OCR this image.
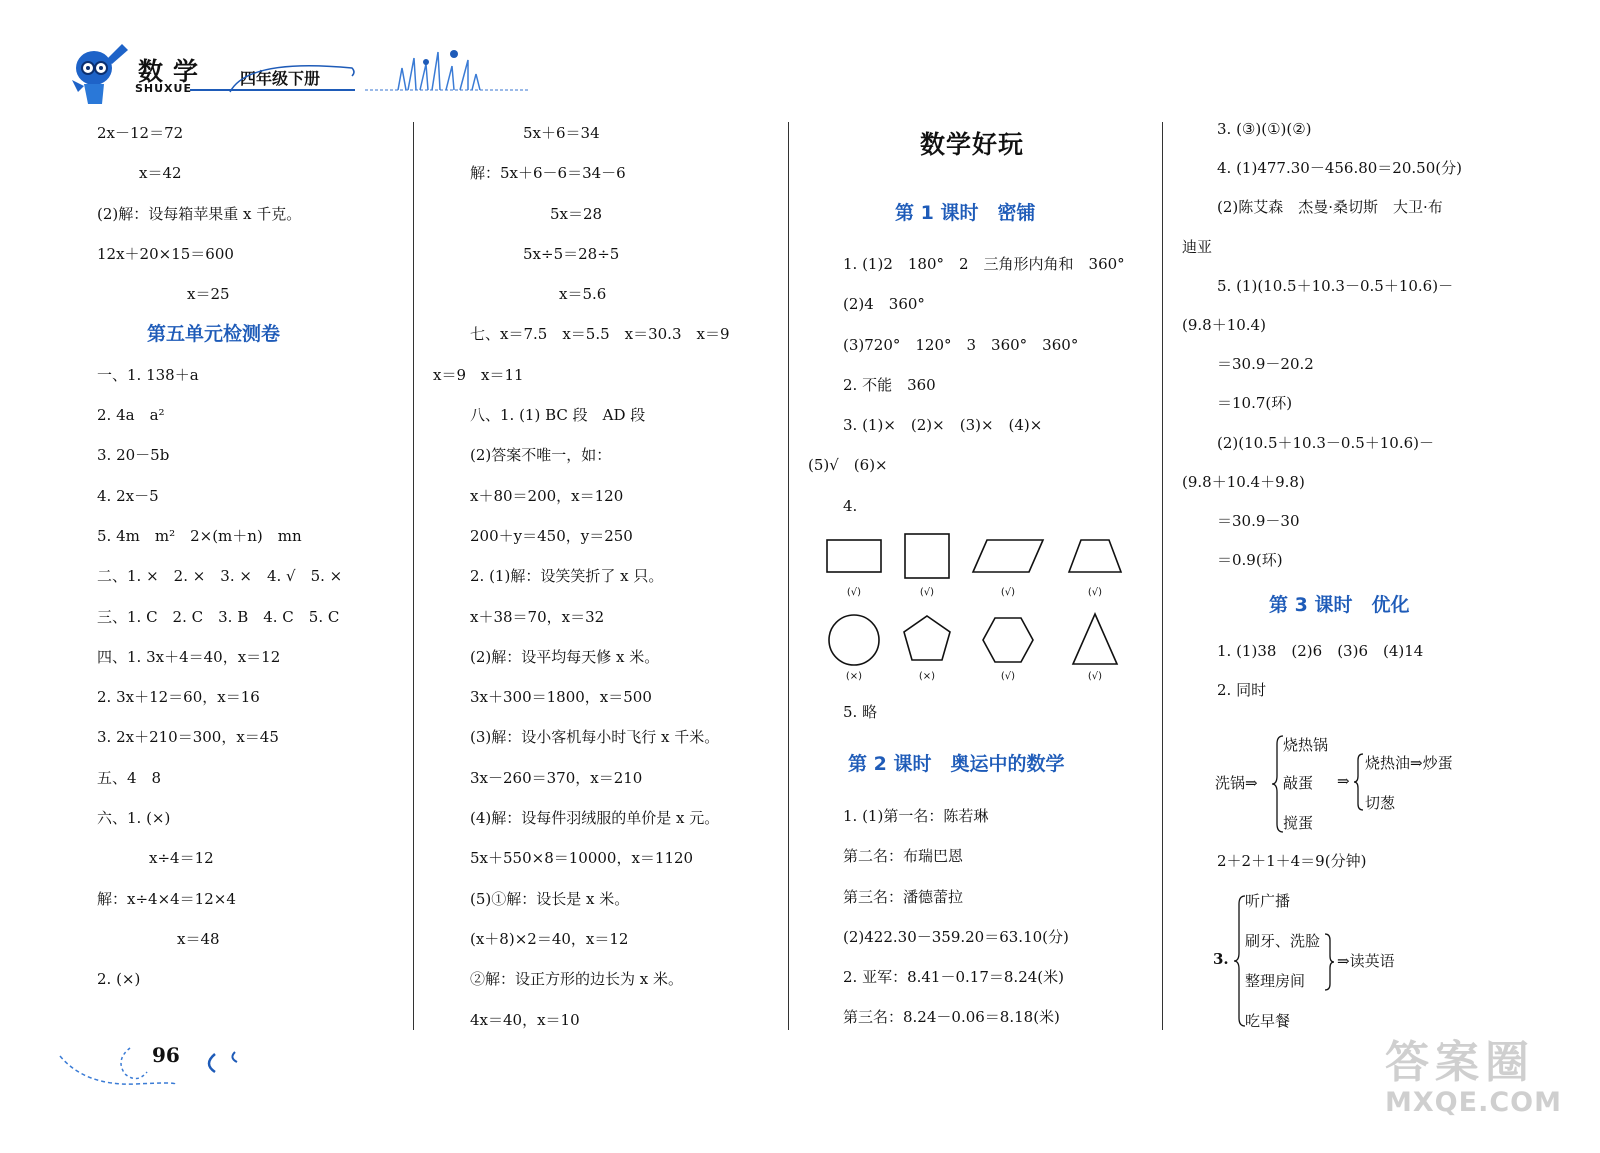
数学
SHUXUE
四年级下册
2x－12＝72
x＝42
(2)解：设每箱苹果重 x 千克。
12x＋20×15＝600
x＝25
第五单元检测卷
一、1. 138＋a
2. 4a　a²
3. 20－5b
4. 2x－5
5. 4m　m²　2×(m＋n)　mn
二、1. ×　2. ×　3. ×　4. √　5. ×
三、1. C　2. C　3. B　4. C　5. C
四、1. 3x＋4＝40，x＝12
2. 3x＋12＝60，x＝16
3. 2x＋210＝300，x＝45
五、4　8
六、1. (×)
x÷4＝12
解：x÷4×4＝12×4
x＝48
2. (×)
5x＋6＝34
解：5x＋6－6＝34－6
5x＝28
5x÷5＝28÷5
x＝5.6
七、x＝7.5　x＝5.5　x＝30.3　x＝9
x＝9　x＝11
八、1. (1) BC 段　AD 段
(2)答案不唯一，如：
x＋80＝200，x＝120
200＋y＝450，y＝250
2. (1)解：设笑笑折了 x 只。
x＋38＝70，x＝32
(2)解：设平均每天修 x 米。
3x＋300＝1800，x＝500
(3)解：设小客机每小时飞行 x 千米。
3x－260＝370，x＝210
(4)解：设每件羽绒服的单价是 x 元。
5x＋550×8＝10000，x＝1120
(5)①解：设长是 x 米。
(x＋8)×2＝40，x＝12
②解：设正方形的边长为 x 米。
4x＝40，x＝10
数学好玩
第 1 课时　密铺
1. (1)2　180°　2　三角形内角和　360°
(2)4　360°
(3)720°　120°　3　360°　360°
2. 不能　360
3. (1)×　(2)×　(3)×　(4)×
(5)√　(6)×
4.
(√)	(√)	(√)	(√)
(×)	(×)	(√)	(√)
5. 略
第 2 课时　奥运中的数学
1. (1)第一名：陈若琳
第二名：布瑞巴恩
第三名：潘德蕾拉
(2)422.30－359.20＝63.10(分)
2. 亚军：8.41－0.17＝8.24(米)
第三名：8.24－0.06＝8.18(米)
3. (③)(①)(②)
4. (1)477.30－456.80＝20.50(分)
(2)陈艾森　杰曼·桑切斯　大卫·布
迪亚
5. (1)(10.5＋10.3－0.5＋10.6)－
(9.8＋10.4)
＝30.9－20.2
＝10.7(环)
(2)(10.5＋10.3－0.5＋10.6)－
(9.8＋10.4＋9.8)
＝30.9－30
＝0.9(环)
第 3 课时　优化
1. (1)38　(2)6　(3)6　(4)14
2. 同时
洗锅⇒
烧热锅
敲蛋
搅蛋
⇒
烧热油⇒炒蛋
切葱
2＋2＋1＋4＝9(分钟)
3.
听广播
刷牙、洗脸
整理房间
吃早餐
⇒读英语
96	答案圈
MXQE.COM
